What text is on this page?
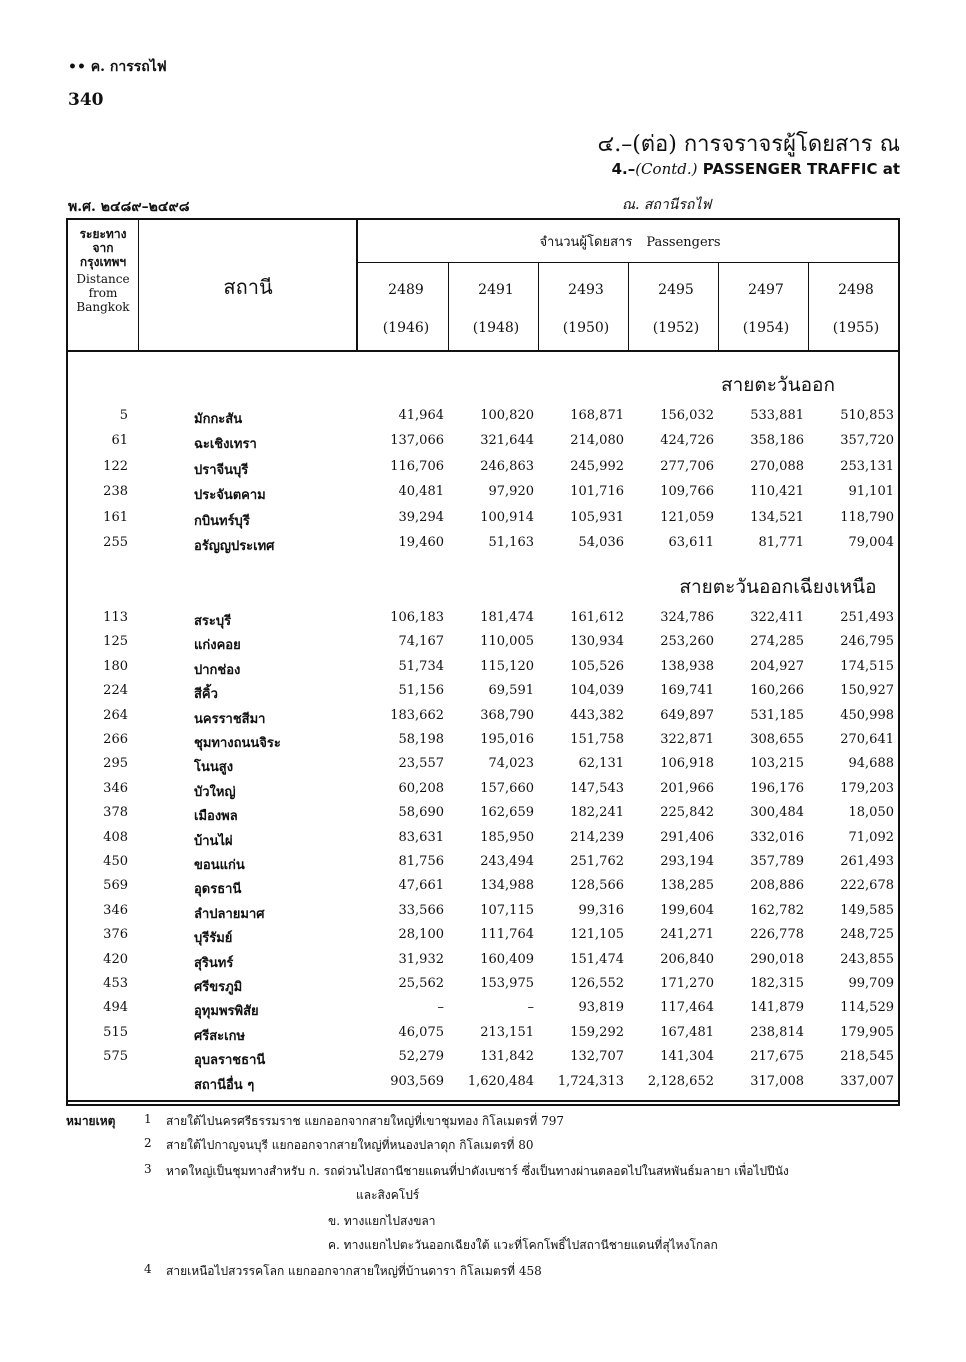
•• ค. การรถไฟ
340
๔.–(ต่อ) การจราจรผู้โดยสาร ณ
4.–(Contd.) PASSENGER TRAFFIC at
พ.ศ. ๒๔๘๙–๒๔๙๘	ณ. สถานีรถไฟ
ระยะทาง จาก กรุงเทพฯ
Distance from Bangkok
สถานี
จำนวนผู้โดยสาร Passengers
2489
(1946)
2491
(1948)
2493
(1950)
2495
(1952)
2497
(1954)
2498
(1955)
สายตะวันออก
สายตะวันออกเฉียงเหนือ
5	มักกะสัน	41,964	100,820	168,871	156,032	533,881	510,853
61	ฉะเชิงเทรา	137,066	321,644	214,080	424,726	358,186	357,720
122	ปราจีนบุรี	116,706	246,863	245,992	277,706	270,088	253,131
238	ประจันตคาม	40,481	97,920	101,716	109,766	110,421	91,101
161	กบินทร์บุรี	39,294	100,914	105,931	121,059	134,521	118,790
255	อรัญญประเทศ	19,460	51,163	54,036	63,611	81,771	79,004
113	สระบุรี	106,183	181,474	161,612	324,786	322,411	251,493
125	แก่งคอย	74,167	110,005	130,934	253,260	274,285	246,795
180	ปากช่อง	51,734	115,120	105,526	138,938	204,927	174,515
224	สีคิ้ว	51,156	69,591	104,039	169,741	160,266	150,927
264	นครราชสีมา	183,662	368,790	443,382	649,897	531,185	450,998
266	ชุมทางถนนจิระ	58,198	195,016	151,758	322,871	308,655	270,641
295	โนนสูง	23,557	74,023	62,131	106,918	103,215	94,688
346	บัวใหญ่	60,208	157,660	147,543	201,966	196,176	179,203
378	เมืองพล	58,690	162,659	182,241	225,842	300,484	18,050
408	บ้านไผ่	83,631	185,950	214,239	291,406	332,016	71,092
450	ขอนแก่น	81,756	243,494	251,762	293,194	357,789	261,493
569	อุดรธานี	47,661	134,988	128,566	138,285	208,886	222,678
346	ลำปลายมาศ	33,566	107,115	99,316	199,604	162,782	149,585
376	บุรีรัมย์	28,100	111,764	121,105	241,271	226,778	248,725
420	สุรินทร์	31,932	160,409	151,474	206,840	290,018	243,855
453	ศรีขรภูมิ	25,562	153,975	126,552	171,270	182,315	99,709
494	อุทุมพรพิสัย	–	–	93,819	117,464	141,879	114,529
515	ศรีสะเกษ	46,075	213,151	159,292	167,481	238,814	179,905
575	อุบลราชธานี	52,279	131,842	132,707	141,304	217,675	218,545
สถานีอื่น ๆ	903,569	1,620,484	1,724,313	2,128,652	317,008	337,007
หมายเหตุ 1 สายใต้ไปนครศรีธรรมราช แยกออกจากสายใหญ่ที่เขาชุมทอง กิโลเมตรที่ 797
2 สายใต้ไปกาญจนบุรี แยกออกจากสายใหญ่ที่หนองปลาดุก กิโลเมตรที่ 80
3 หาดใหญ่เป็นชุมทางสำหรับ ก. รถด่วนไปสถานีชายแดนที่ปาดังเบซาร์ ซึ่งเป็นทางผ่านตลอดไปในสหพันธ์มลายา เพื่อไปปีนัง
และสิงคโปร์
ข. ทางแยกไปสงขลา
ค. ทางแยกไปตะวันออกเฉียงใต้ แวะที่โคกโพธิ์ไปสถานีชายแดนที่สุไหงโกลก
4 สายเหนือไปสวรรคโลก แยกออกจากสายใหญ่ที่บ้านดารา กิโลเมตรที่ 458
